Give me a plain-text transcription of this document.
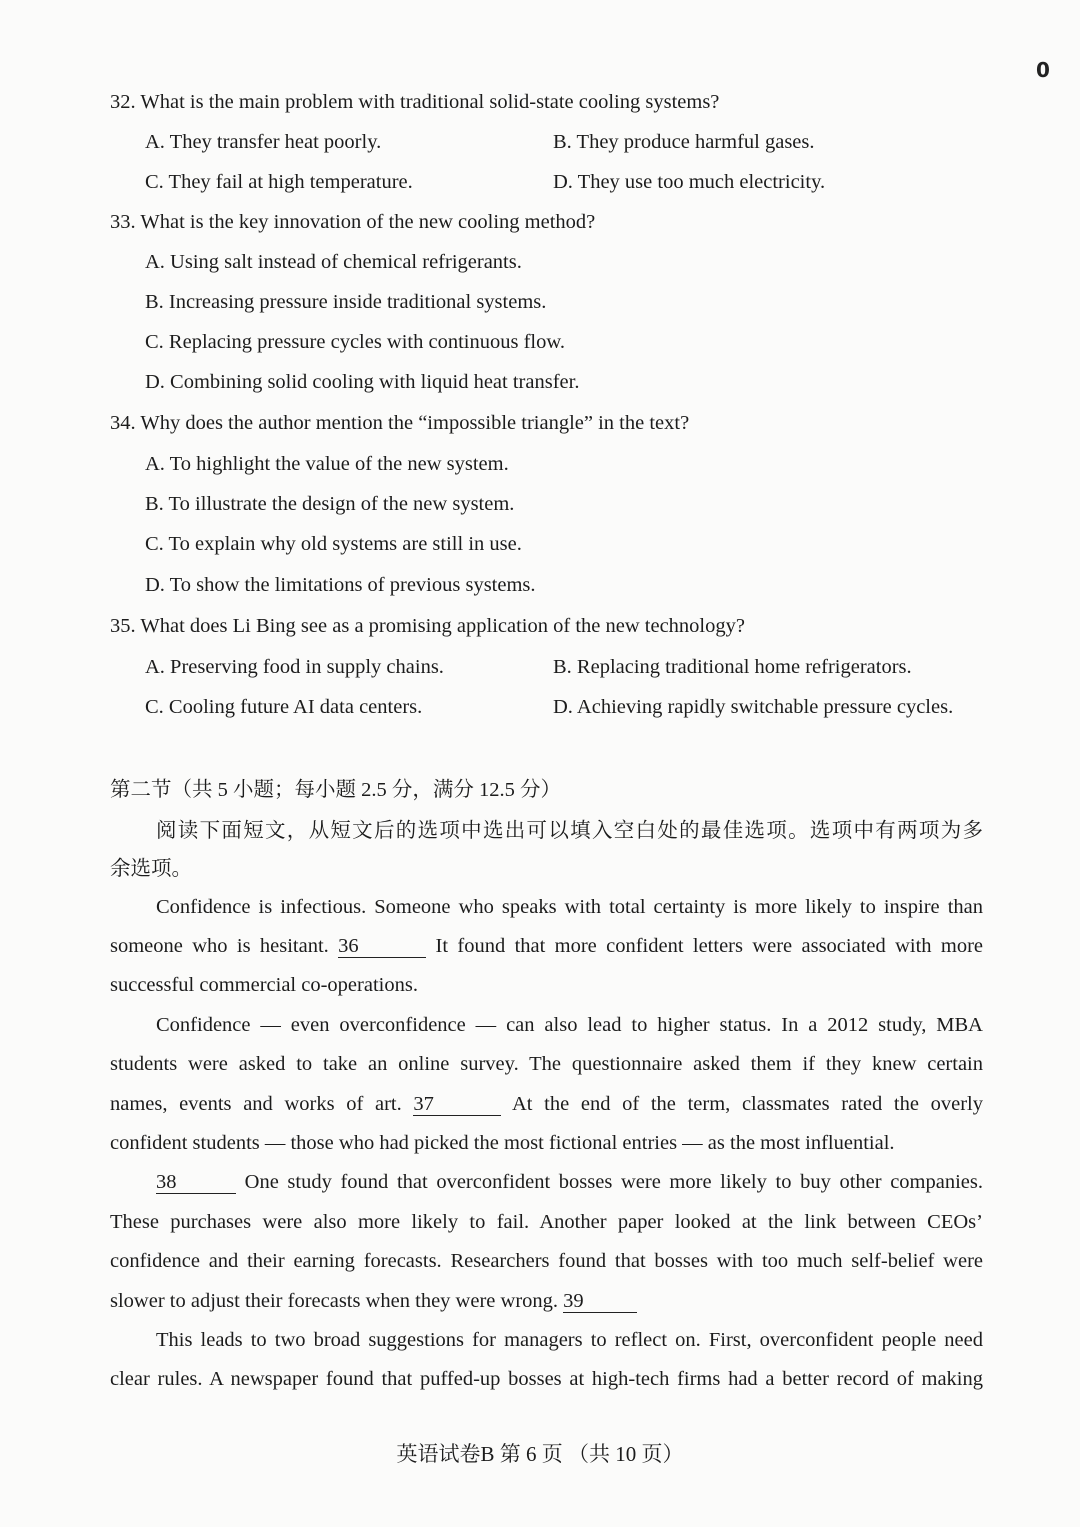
0
32. What is the main problem with traditional solid-state cooling systems?
A. They transfer heat poorly.	B. They produce harmful gases.
C. They fail at high temperature.	D. They use too much electricity.
33. What is the key innovation of the new cooling method?
A. Using salt instead of chemical refrigerants.
B. Increasing pressure inside traditional systems.
C. Replacing pressure cycles with continuous flow.
D. Combining solid cooling with liquid heat transfer.
34. Why does the author mention the “impossible triangle” in the text?
A. To highlight the value of the new system.
B. To illustrate the design of the new system.
C. To explain why old systems are still in use.
D. To show the limitations of previous systems.
35. What does Li Bing see as a promising application of the new technology?
A. Preserving food in supply chains.	B. Replacing traditional home refrigerators.
C. Cooling future AI data centers.	D. Achieving rapidly switchable pressure cycles.
第二节（共 5 小题；每小题 2.5 分，满分 12.5 分）
阅读下面短文，从短文后的选项中选出可以填入空白处的最佳选项。选项中有两项为多
余选项。
Confidence is infectious. Someone who speaks with total certainty is more likely to inspire than
someone who is hesitant. 36	It found that more confident letters were associated with more
successful commercial co-operations.
Confidence — even overconfidence — can also lead to higher status. In a 2012 study, MBA
students were asked to take an online survey. The questionnaire asked them if they knew certain
names, events and works of art. 37	At the end of the term, classmates rated the overly
confident students — those who had picked the most fictional entries — as the most influential.
38	One study found that overconfident bosses were more likely to buy other companies.
These purchases were also more likely to fail. Another paper looked at the link between CEOs’
confidence and their earning forecasts. Researchers found that bosses with too much self-belief were
slower to adjust their forecasts when they were wrong. 39
This leads to two broad suggestions for managers to reflect on. First, overconfident people need
clear rules. A newspaper found that puffed-up bosses at high-tech firms had a better record of making
英语试卷B 第 6 页 （共 10 页）
